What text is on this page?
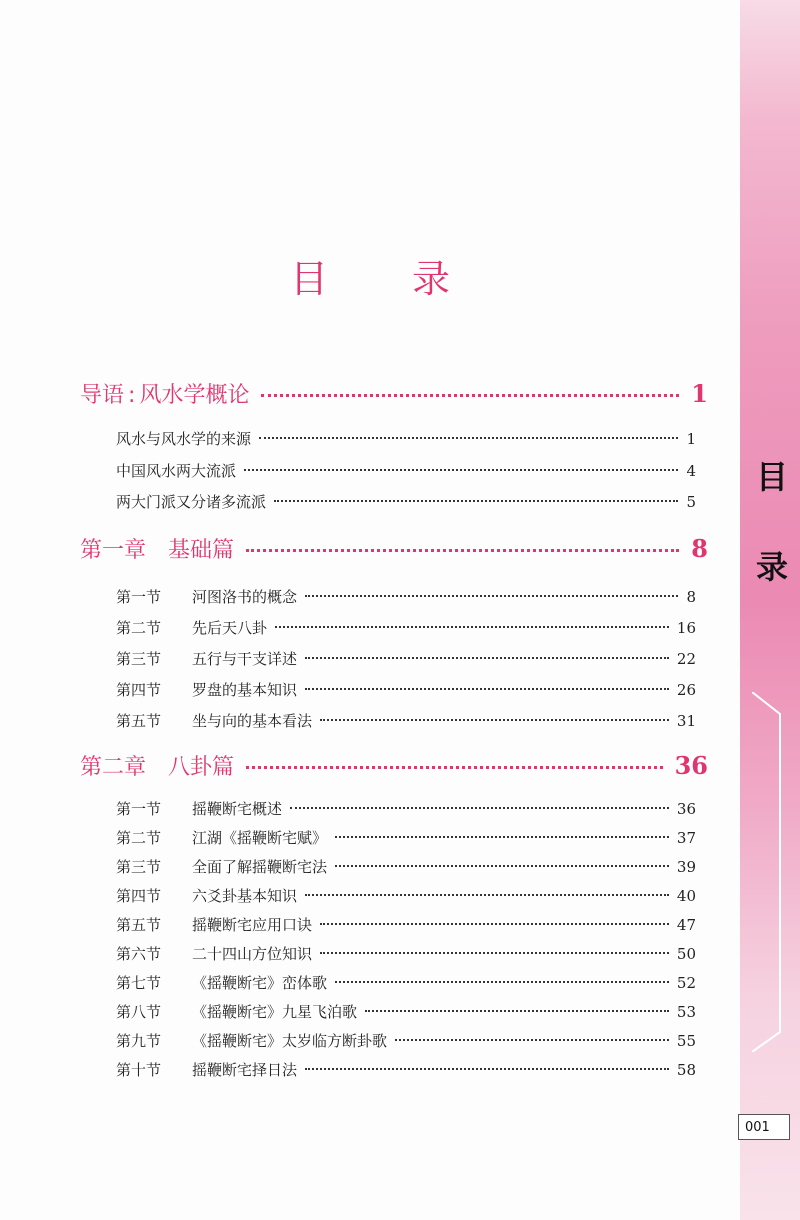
目 录
导语 : 风水学概论	1
风水与风水学的来源	1
中国风水两大流派	4
两大门派又分诸多流派	5
第一章 基础篇	8
第一节	河图洛书的概念	8
第二节	先后天八卦	16
第三节	五行与干支详述	22
第四节	罗盘的基本知识	26
第五节	坐与向的基本看法	31
第二章 八卦篇	36
第一节	摇鞭断宅概述	36
第二节	江湖《摇鞭断宅赋》	37
第三节	全面了解摇鞭断宅法	39
第四节	六爻卦基本知识	40
第五节	摇鞭断宅应用口诀	47
第六节	二十四山方位知识	50
第七节	《摇鞭断宅》峦体歌	52
第八节	《摇鞭断宅》九星飞泊歌	53
第九节	《摇鞭断宅》太岁临方断卦歌	55
第十节	摇鞭断宅择日法	58
目
录
001
